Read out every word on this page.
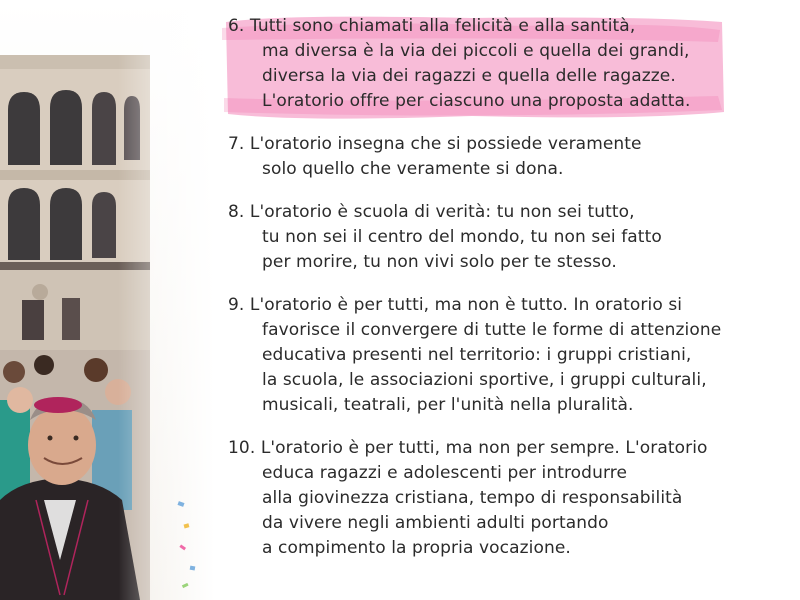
6. Tutti sono chiamati alla felicità e alla santità,
ma diversa è la via dei piccoli e quella dei grandi,
diversa la via dei ragazzi e quella delle ragazze.
L'oratorio offre per ciascuno una proposta adatta.
7. L'oratorio insegna che si possiede veramente
solo quello che veramente si dona.
8. L'oratorio è scuola di verità: tu non sei tutto,
tu non sei il centro del mondo, tu non sei fatto
per morire, tu non vivi solo per te stesso.
9. L'oratorio è per tutti, ma non è tutto. In oratorio si
favorisce il convergere di tutte le forme di attenzione
educativa presenti nel territorio: i gruppi cristiani,
la scuola, le associazioni sportive, i gruppi culturali,
musicali, teatrali, per l'unità nella pluralità.
10. L'oratorio è per tutti, ma non per sempre. L'oratorio
educa ragazzi e adolescenti per introdurre
alla giovinezza cristiana, tempo di responsabilità
da vivere negli ambienti adulti portando
a compimento la propria vocazione.
